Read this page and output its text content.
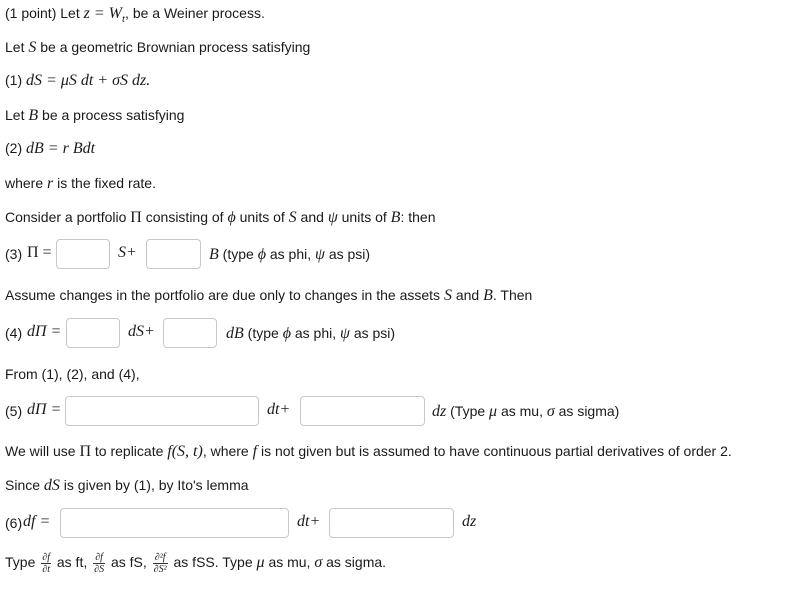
(1 point) Let $z = W_t$, be a Weiner process.
Let S be a geometric Brownian process satisfying
(1) dS = μS dt + σS dz.
Let B be a process satisfying
(2) dB = r Bdt
where r is the fixed rate.
Consider a portfolio Π consisting of ϕ units of S and ψ units of B: then
(3) Π =	S+	B (type ϕ as phi, ψ as psi)
Assume changes in the portfolio are due only to changes in the assets S and B. Then
(4) dΠ =	dS+	dB (type ϕ as phi, ψ as psi)
From (1), (2), and (4),
(5) dΠ =	dt+	dz (Type μ as mu, σ as sigma)
We will use Π to replicate f(S, t), where f is not given but is assumed to have continuous partial derivatives of order 2.
Since dS is given by (1), by Ito's lemma
(6) df =	dt+	dz
Type $\frac{\partial f}{\partial t}$ as ft, $\frac{\partial f}{\partial S}$ as fS, $\frac{\text{∂²f}}{\text{∂S²}}$ as fSS. Type μ as mu, σ as sigma.
